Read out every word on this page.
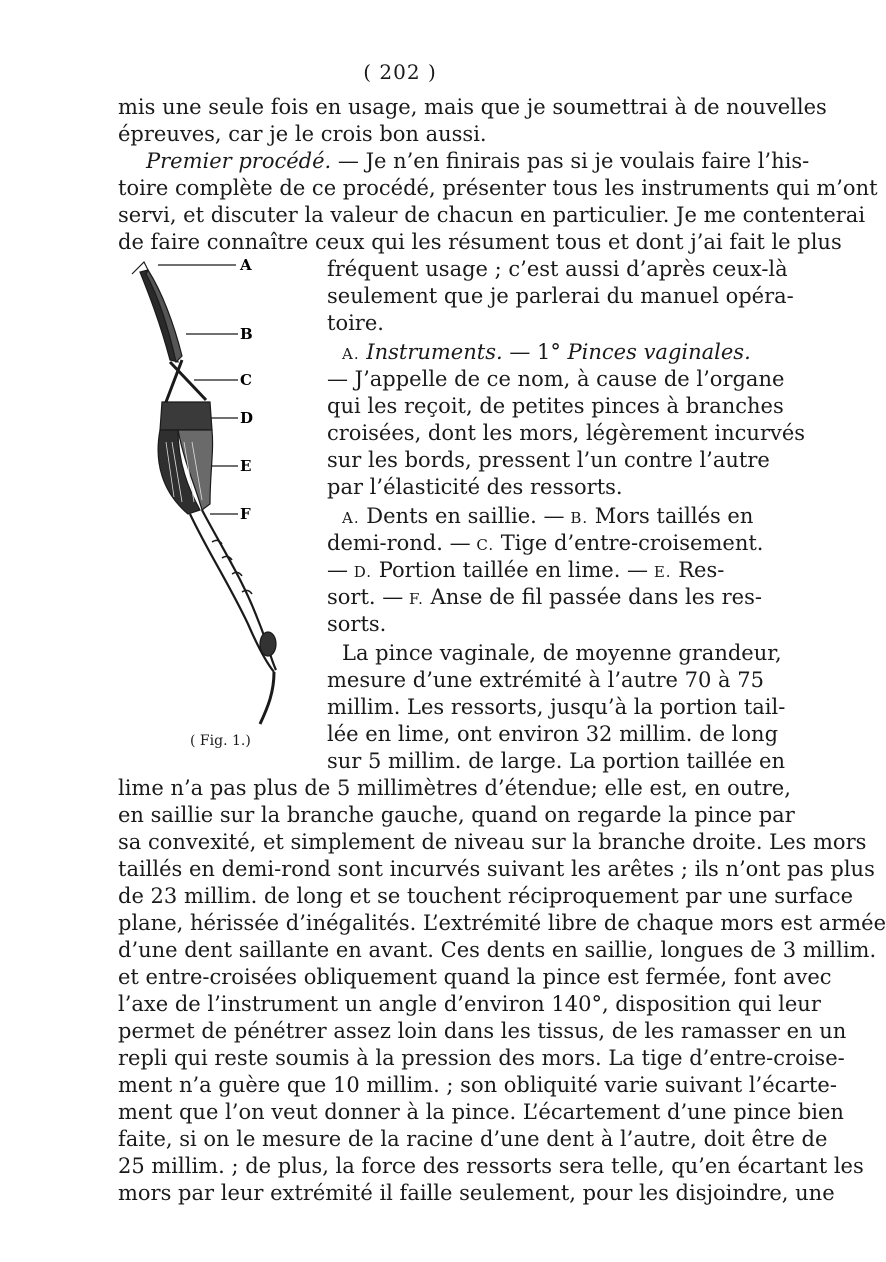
( 202 )
mis une seule fois en usage, mais que je soumettrai à de nouvelles
épreuves, car je le crois bon aussi.
Premier procédé. — Je n’en finirais pas si je voulais faire l’his-
toire complète de ce procédé, présenter tous les instruments qui m’ont
servi, et discuter la valeur de chacun en particulier. Je me contenterai
de faire connaître ceux qui les résument tous et dont j’ai fait le plus
fréquent usage ; c’est aussi d’après ceux-là
seulement que je parlerai du manuel opéra-
toire.
A. Instruments. — 1° Pinces vaginales.
— J’appelle de ce nom, à cause de l’organe
qui les reçoit, de petites pinces à branches
croisées, dont les mors, légèrement incurvés
sur les bords, pressent l’un contre l’autre
par l’élasticité des ressorts.
A. Dents en saillie. — B. Mors taillés en
demi-rond. — C. Tige d’entre-croisement.
— D. Portion taillée en lime. — E. Res-
sort. — F. Anse de fil passée dans les res-
sorts.
La pince vaginale, de moyenne grandeur,
mesure d’une extrémité à l’autre 70 à 75
millim. Les ressorts, jusqu’à la portion tail-
lée en lime, ont environ 32 millim. de long
sur 5 millim. de large. La portion taillée en
lime n’a pas plus de 5 millimètres d’étendue; elle est, en outre,
en saillie sur la branche gauche, quand on regarde la pince par
sa convexité, et simplement de niveau sur la branche droite. Les mors
taillés en demi-rond sont incurvés suivant les arêtes ; ils n’ont pas plus
de 23 millim. de long et se touchent réciproquement par une surface
plane, hérissée d’inégalités. L’extrémité libre de chaque mors est armée
d’une dent saillante en avant. Ces dents en saillie, longues de 3 millim.
et entre-croisées obliquement quand la pince est fermée, font avec
l’axe de l’instrument un angle d’environ 140°, disposition qui leur
permet de pénétrer assez loin dans les tissus, de les ramasser en un
repli qui reste soumis à la pression des mors. La tige d’entre-croise-
ment n’a guère que 10 millim. ; son obliquité varie suivant l’écarte-
ment que l’on veut donner à la pince. L’écartement d’une pince bien
faite, si on le mesure de la racine d’une dent à l’autre, doit être de
25 millim. ; de plus, la force des ressorts sera telle, qu’en écartant les
mors par leur extrémité il faille seulement, pour les disjoindre, une
A
B
C
D
E
F
( Fig. 1.)
